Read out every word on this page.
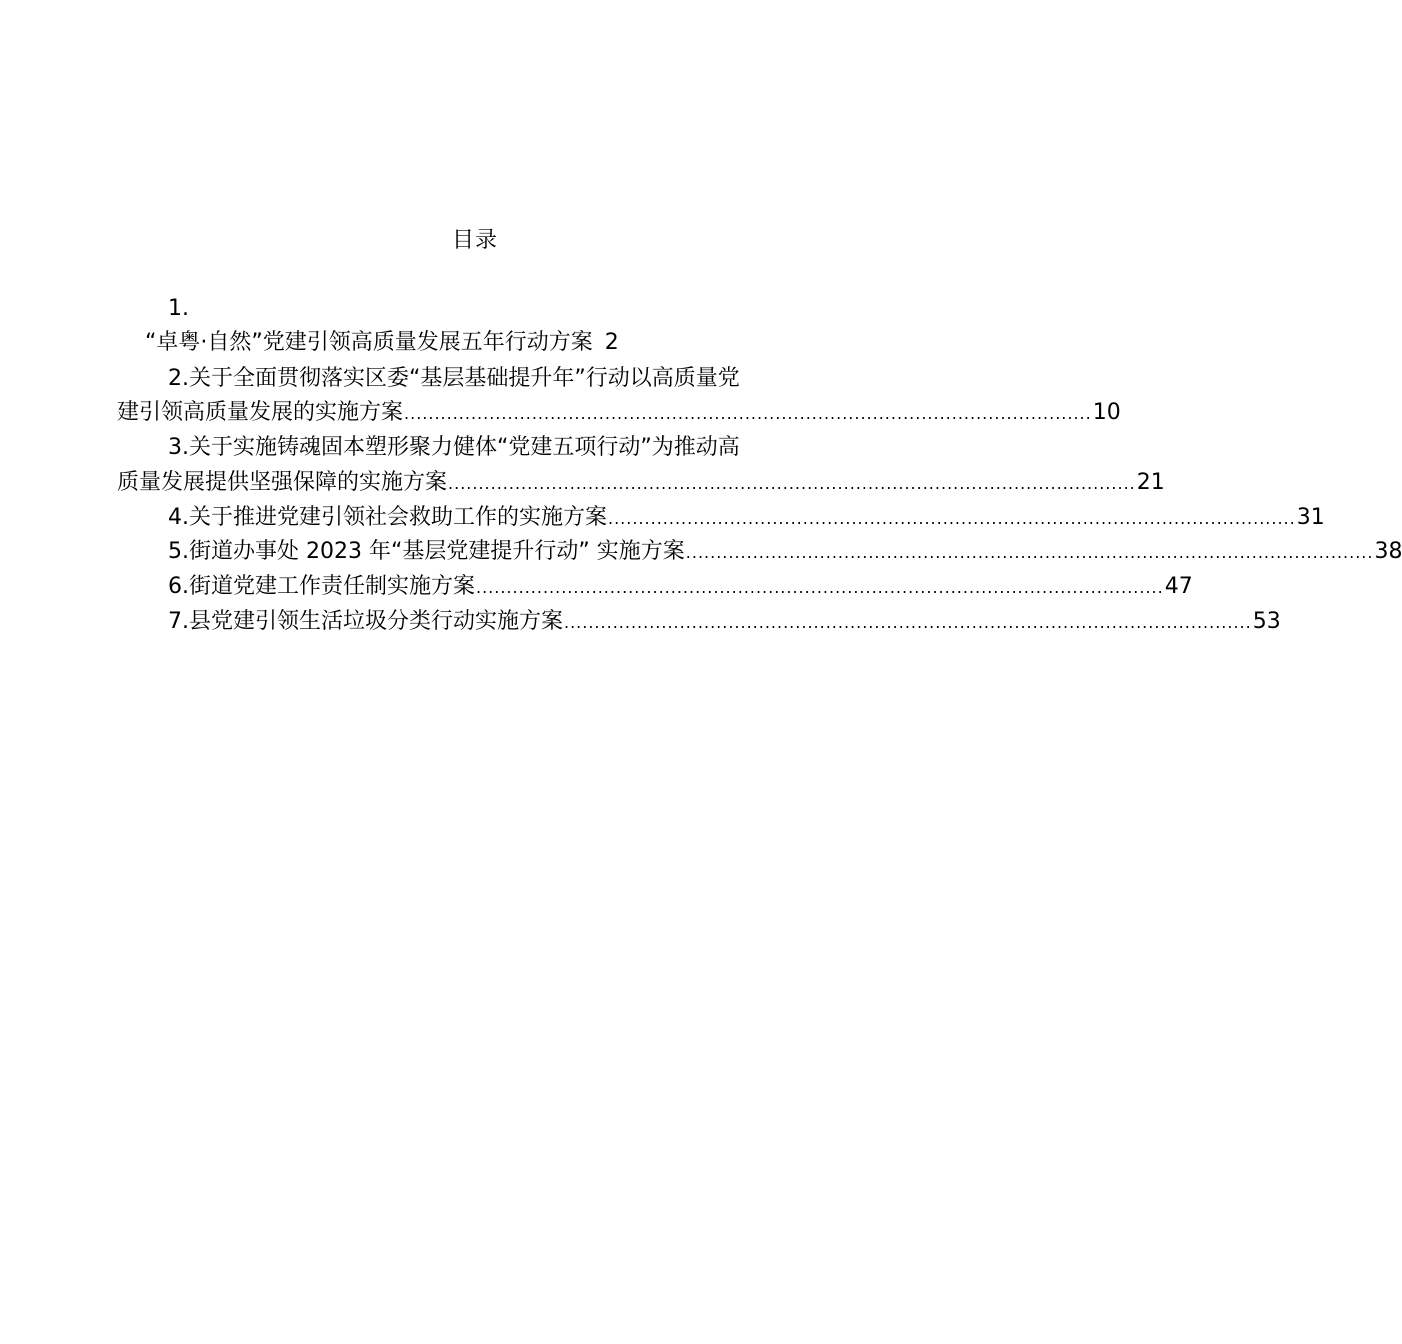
目录
1.
“卓粤·自然”党建引领高质量发展五年行动方案 2
2.关于全面贯彻落实区委“基层基础提升年”行动以高质量党
建引领高质量发展的实施方案 ................................................................................................................. 10
3.关于实施铸魂固本塑形聚力健体“党建五项行动”为推动高
质量发展提供坚强保障的实施方案 ................................................................................................................. 21
4.关于推进党建引领社会救助工作的实施方案 ................................................................................................................. 31
5.街道办事处 2023 年“基层党建提升行动” 实施方案 ................................................................................................................. 38
6.街道党建工作责任制实施方案 ................................................................................................................. 47
7.县党建引领生活垃圾分类行动实施方案 ................................................................................................................. 53
